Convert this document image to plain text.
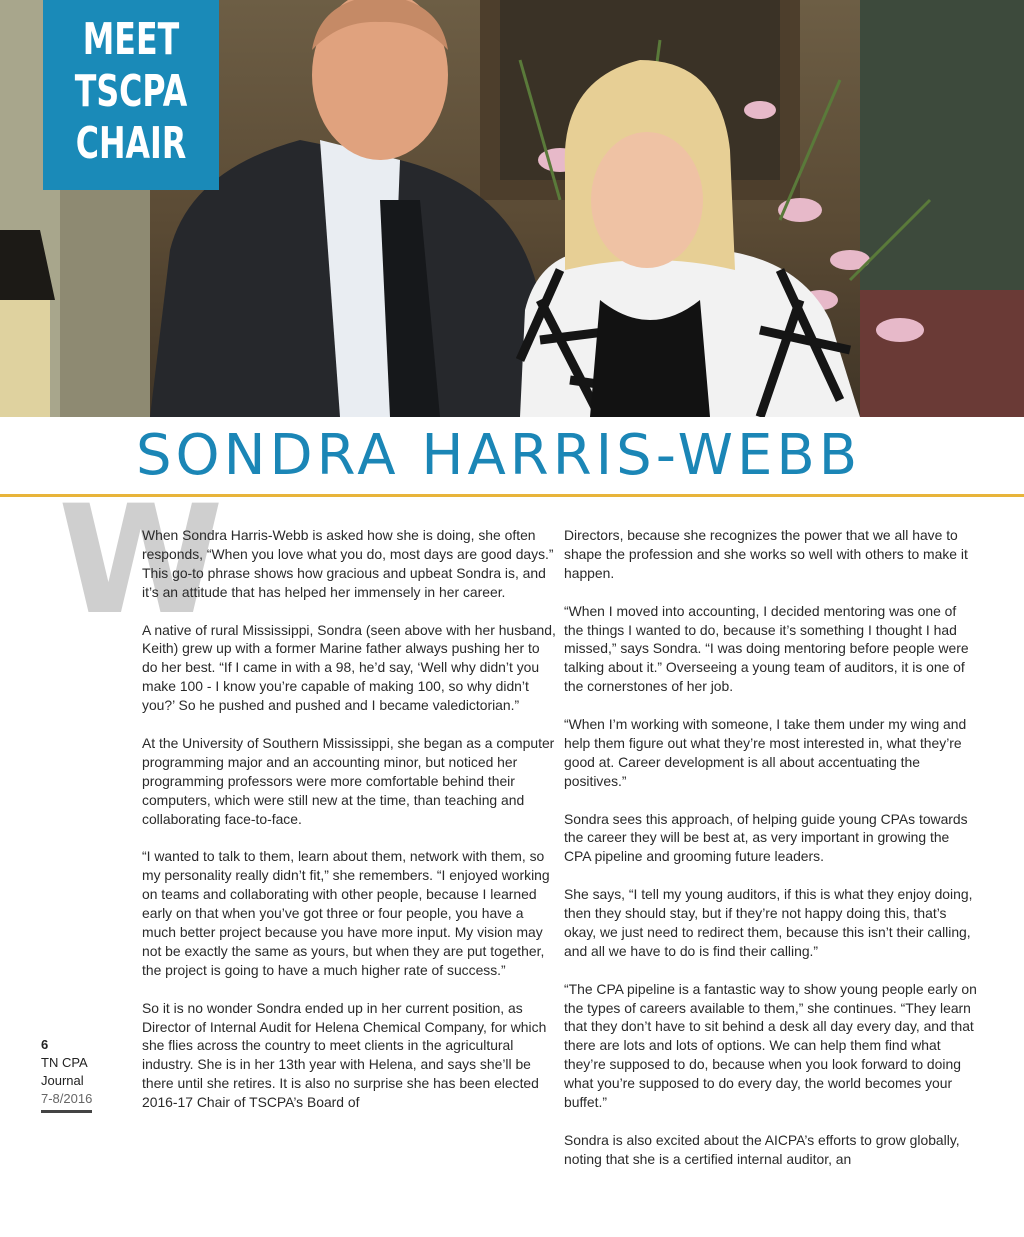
MEET
TSCPA
CHAIR
SONDRA HARRIS-WEBB
W

When Sondra Harris-Webb is asked how she is doing, she often responds, “When you love what you do, most days are good days.” This go-to phrase shows how gracious and upbeat Sondra is, and it’s an attitude that has helped her immensely in her career.

A native of rural Mississippi, Sondra (seen above with her husband, Keith) grew up with a former Marine father always pushing her to do her best. “If I came in with a 98, he’d say, ‘Well why didn’t you make 100 - I know you’re capable of making 100, so why didn’t you?’ So he pushed and pushed and I became valedictorian.”

At the University of Southern Mississippi, she began as a computer programming major and an accounting minor, but noticed her programming professors were more comfortable behind their computers, which were still new at the time, than teaching and collaborating face-to-face.

“I wanted to talk to them, learn about them, network with them, so my personality really didn’t fit,” she remembers. “I enjoyed working on teams and collaborating with other people, because I learned early on that when you’ve got three or four people, you have a much better project because you have more input. My vision may not be exactly the same as yours, but when they are put together, the project is going to have a much higher rate of success.”

So it is no wonder Sondra ended up in her current position, as Director of Internal Audit for Helena Chemical Company, for which she flies across the country to meet clients in the agricultural industry. She is in her 13th year with Helena, and says she’ll be there until she retires. It is also no surprise she has been elected 2016-17 Chair of TSCPA’s Board of

Directors, because she recognizes the power that we all have to shape the profession and she works so well with others to make it happen.

“When I moved into accounting, I decided mentoring was one of the things I wanted to do, because it’s something I thought I had missed,” says Sondra. “I was doing mentoring before people were talking about it.” Overseeing a young team of auditors, it is one of the cornerstones of her job.

“When I’m working with someone, I take them under my wing and help them figure out what they’re most interested in, what they’re good at. Career development is all about accentuating the positives.”

Sondra sees this approach, of helping guide young CPAs towards the career they will be best at, as very important in growing the CPA pipeline and grooming future leaders.

She says, “I tell my young auditors, if this is what they enjoy doing, then they should stay, but if they’re not happy doing this, that’s okay, we just need to redirect them, because this isn’t their calling, and all we have to do is find their calling.”

“The CPA pipeline is a fantastic way to show young people early on the types of careers available to them,” she continues. “They learn that they don’t have to sit behind a desk all day every day, and that there are lots and lots of options. We can help them find what they’re supposed to do, because when you look forward to doing what you’re supposed to do every day, the world becomes your buffet.”

Sondra is also excited about the AICPA’s efforts to grow globally, noting that she is a certified internal auditor, an

6
TN CPA
Journal
7-8/2016
